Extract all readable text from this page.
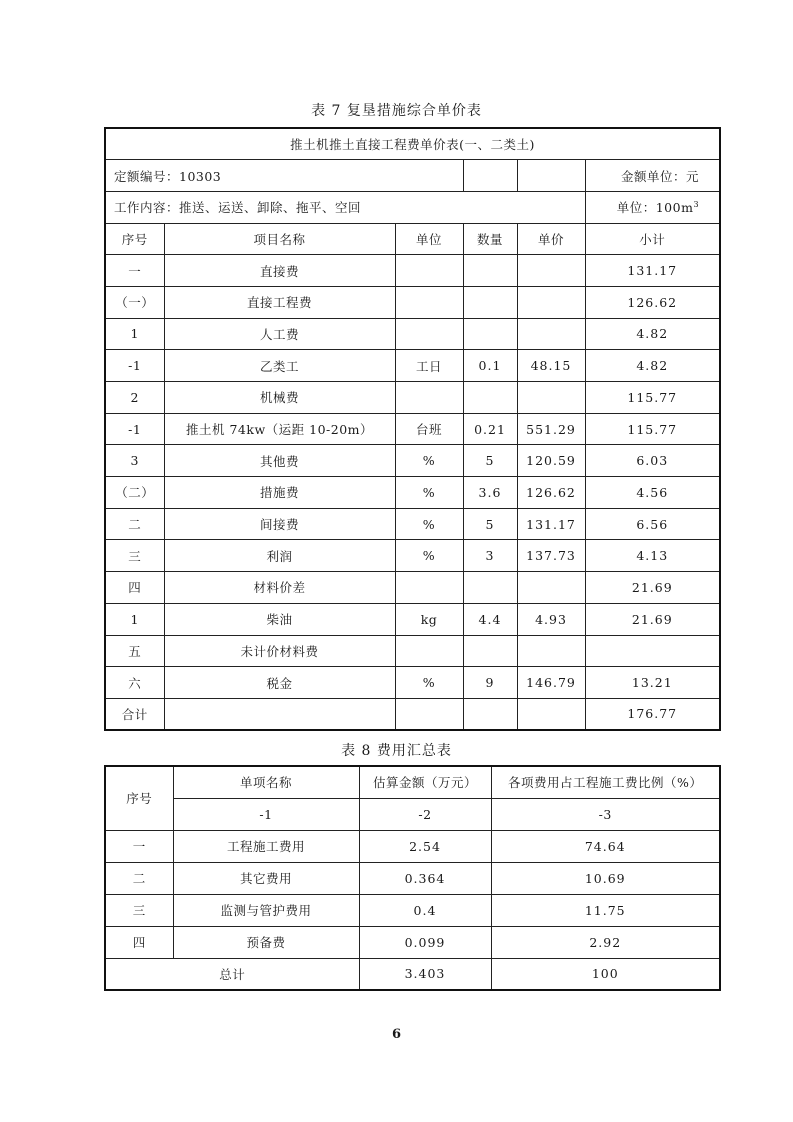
表 7 复垦措施综合单价表
推土机推土直接工程费单价表(一、二类土)					
定额编号：10303					金额单位：元
工作内容：推送、运送、卸除、拖平、空回					单位：$100m^3$
序号	项目名称	单位	数量	单价	小计
一	直接费				131.17
（一）	直接工程费				126.62
1	人工费				4.82
-1	乙类工	工日	0.1	48.15	4.82
2	机械费				115.77
-1	推土机 74kw（运距 10-20m）	台班	0.21	551.29	115.77
3	其他费	%	5	120.59	6.03
（二）	措施费	%	3.6	126.62	4.56
二	间接费	%	5	131.17	6.56
三	利润	%	3	137.73	4.13
四	材料价差				21.69
1	柴油	kg	4.4	4.93	21.69
五	未计价材料费				
六	税金	%	9	146.79	13.21
合计					176.77
表 8 费用汇总表
序号	单项名称	估算金额（万元）	各项费用占工程施工费比例（%）
	-1	-2	-3
一	工程施工费用	2.54	74.64
二	其它费用	0.364	10.69
三	监测与管护费用	0.4	11.75
四	预备费	0.099	2.92
总计		3.403	100
6
